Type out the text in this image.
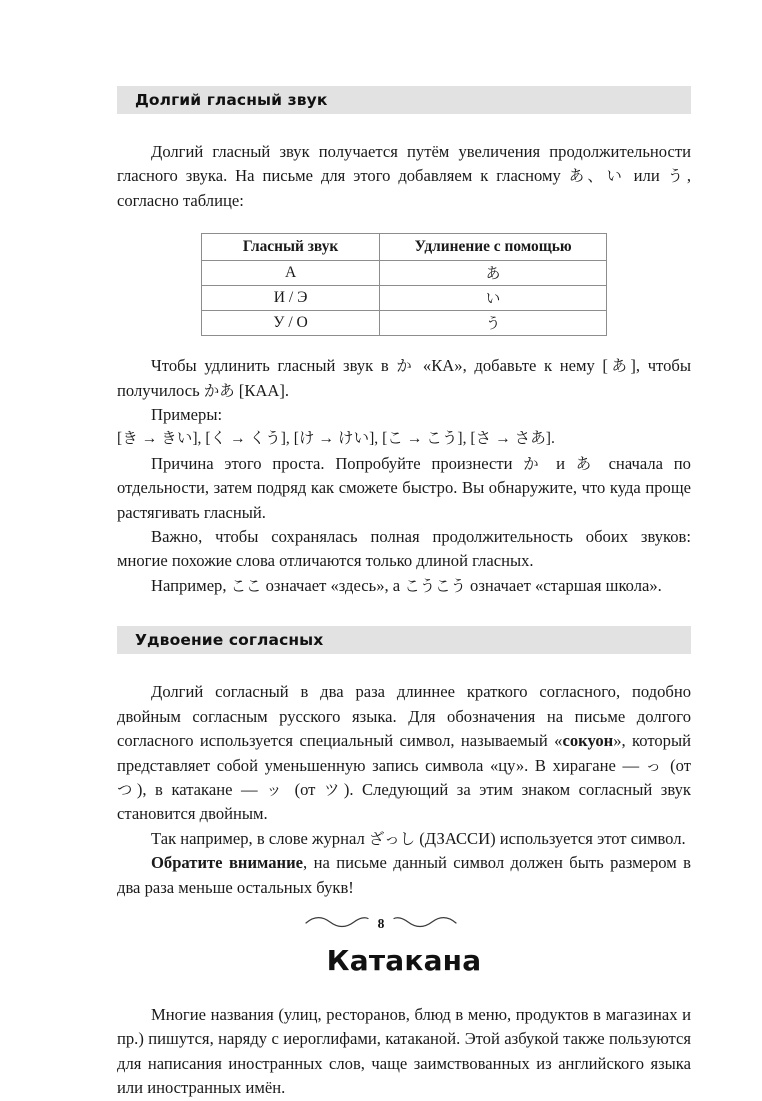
Долгий гласный звук

Долгий гласный звук получается путём увеличения продолжительности гласного звука. На письме для этого добавляем к гласному あ、い или う, согласно таблице:

Гласный звук	Удлинение с помощью
А	あ
И / Э	い
У / О	う

Чтобы удлинить гласный звук в か «КА», добавьте к нему [あ], чтобы получилось かあ [КАА].

Примеры:

[き → きい], [く → くう], [け → けい], [こ → こう], [さ → さあ].

Причина этого проста. Попробуйте произнести か и あ сначала по отдельности, затем подряд как сможете быстро. Вы обнаружите, что куда проще растягивать гласный.

Важно, чтобы сохранялась полная продолжительность обоих звуков: многие похожие слова отличаются только длиной гласных.

Например, ここ означает «здесь», а こうこう означает «старшая школа».

Удвоение согласных

Долгий согласный в два раза длиннее краткого согласного, подобно двойным согласным русского языка. Для обозначения на письме долгого согласного используется специальный символ, называемый «сокуон», который представляет собой уменьшенную запись символа «цу». В хирагане — っ (от つ), в катакане — ッ (от ツ). Следующий за этим знаком согласный звук становится двойным.

Так например, в слове журнал ざっし (ДЗАССИ) используется этот символ.

Обратите внимание, на письме данный символ должен быть размером в два раза меньше остальных букв!

Катакана

Многие названия (улиц, ресторанов, блюд в меню, продуктов в магазинах и пр.) пишутся, наряду с иероглифами, катаканой. Этой азбукой также пользуются для написания иностранных слов, чаще заимствованных из английского языка или иностранных имён.

8
